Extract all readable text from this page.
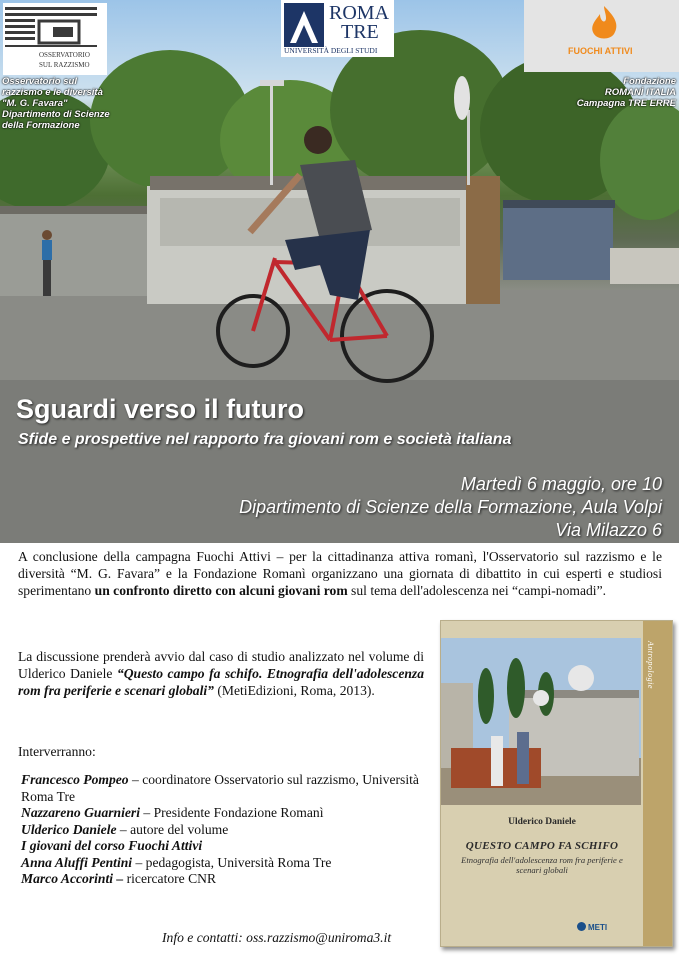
OSSERVATORIO
SUL RAZZISMO
ROMA
TRE
UNIVERSITÀ DEGLI STUDI	FUOCHI ATTIVI
Osservatorio sul
razzismo e le diversità
"M. G. Favara"
Dipartimento di Scienze
della Formazione
Fondazione
ROMANÌ ITALIA
Campagna TRE ERRE
Sguardi verso il futuro
Sfide e prospettive nel rapporto fra giovani rom e società italiana
Martedì 6 maggio, ore 10
Dipartimento di Scienze della Formazione, Aula Volpi
Via Milazzo 6
A conclusione della campagna Fuochi Attivi – per la cittadinanza attiva romanì, l'Osservatorio sul razzismo e le diversità “M. G. Favara” e la Fondazione Romanì organizzano una giornata di dibattito in cui esperti e studiosi sperimentano un confronto diretto con alcuni giovani rom sul tema dell'adolescenza nei “campi-nomadi”.
La discussione prenderà avvio dal caso di studio analizzato nel volume di Ulderico Daniele “Questo campo fa schifo. Etnografia dell'adolescenza rom fra periferie e scenari globali” (MetiEdizioni, Roma, 2013).
Interverranno:
Francesco Pompeo – coordinatore Osservatorio sul razzismo, Università Roma Tre
Nazzareno Guarnieri – Presidente Fondazione Romanì
Ulderico Daniele – autore del volume
I giovani del corso Fuochi Attivi
Anna Aluffi Pentini – pedagogista, Università Roma Tre
Marco Accorinti – ricercatore CNR
Info e contatti: oss.razzismo@uniroma3.it
Antropologie
Ulderico Daniele
QUESTO CAMPO FA SCHIFO
Etnografia dell'adolescenza rom fra periferie e scenari globali
METI
